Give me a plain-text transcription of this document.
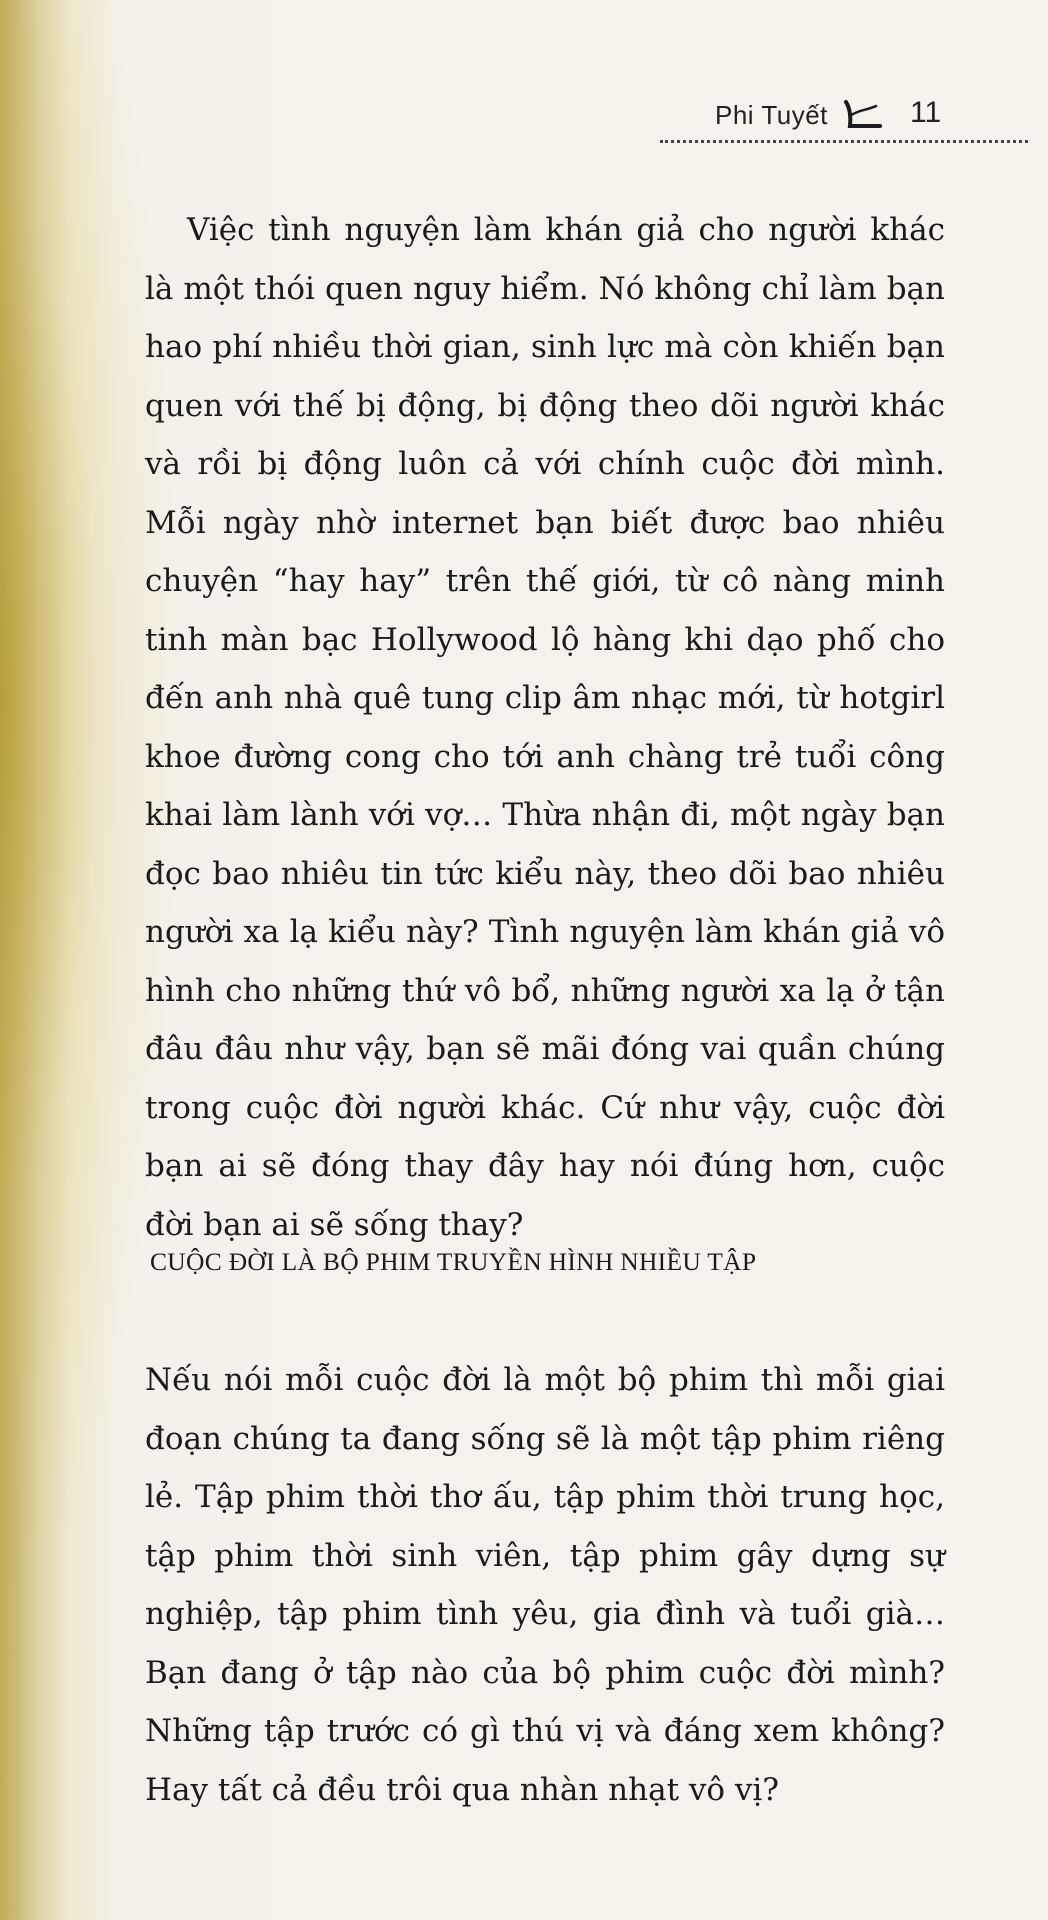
Phi Tuyết	11

Việc tình nguyện làm khán giả cho người khác là một thói quen nguy hiểm. Nó không chỉ làm bạn hao phí nhiều thời gian, sinh lực mà còn khiến bạn quen với thế bị động, bị động theo dõi người khác và rồi bị động luôn cả với chính cuộc đời mình. Mỗi ngày nhờ internet bạn biết được bao nhiêu chuyện “hay hay” trên thế giới, từ cô nàng minh tinh màn bạc Hollywood lộ hàng khi dạo phố cho đến anh nhà quê tung clip âm nhạc mới, từ hotgirl khoe đường cong cho tới anh chàng trẻ tuổi công khai làm lành với vợ… Thừa nhận đi, một ngày bạn đọc bao nhiêu tin tức kiểu này, theo dõi bao nhiêu người xa lạ kiểu này? Tình nguyện làm khán giả vô hình cho những thứ vô bổ, những người xa lạ ở tận đâu đâu như vậy, bạn sẽ mãi đóng vai quần chúng trong cuộc đời người khác. Cứ như vậy, cuộc đời bạn ai sẽ đóng thay đây hay nói đúng hơn, cuộc đời bạn ai sẽ sống thay?

CUỘC ĐỜI LÀ BỘ PHIM TRUYỀN HÌNH NHIỀU TẬP

Nếu nói mỗi cuộc đời là một bộ phim thì mỗi giai đoạn chúng ta đang sống sẽ là một tập phim riêng lẻ. Tập phim thời thơ ấu, tập phim thời trung học, tập phim thời sinh viên, tập phim gây dựng sự nghiệp, tập phim tình yêu, gia đình và tuổi già… Bạn đang ở tập nào của bộ phim cuộc đời mình? Những tập trước có gì thú vị và đáng xem không? Hay tất cả đều trôi qua nhàn nhạt vô vị?
